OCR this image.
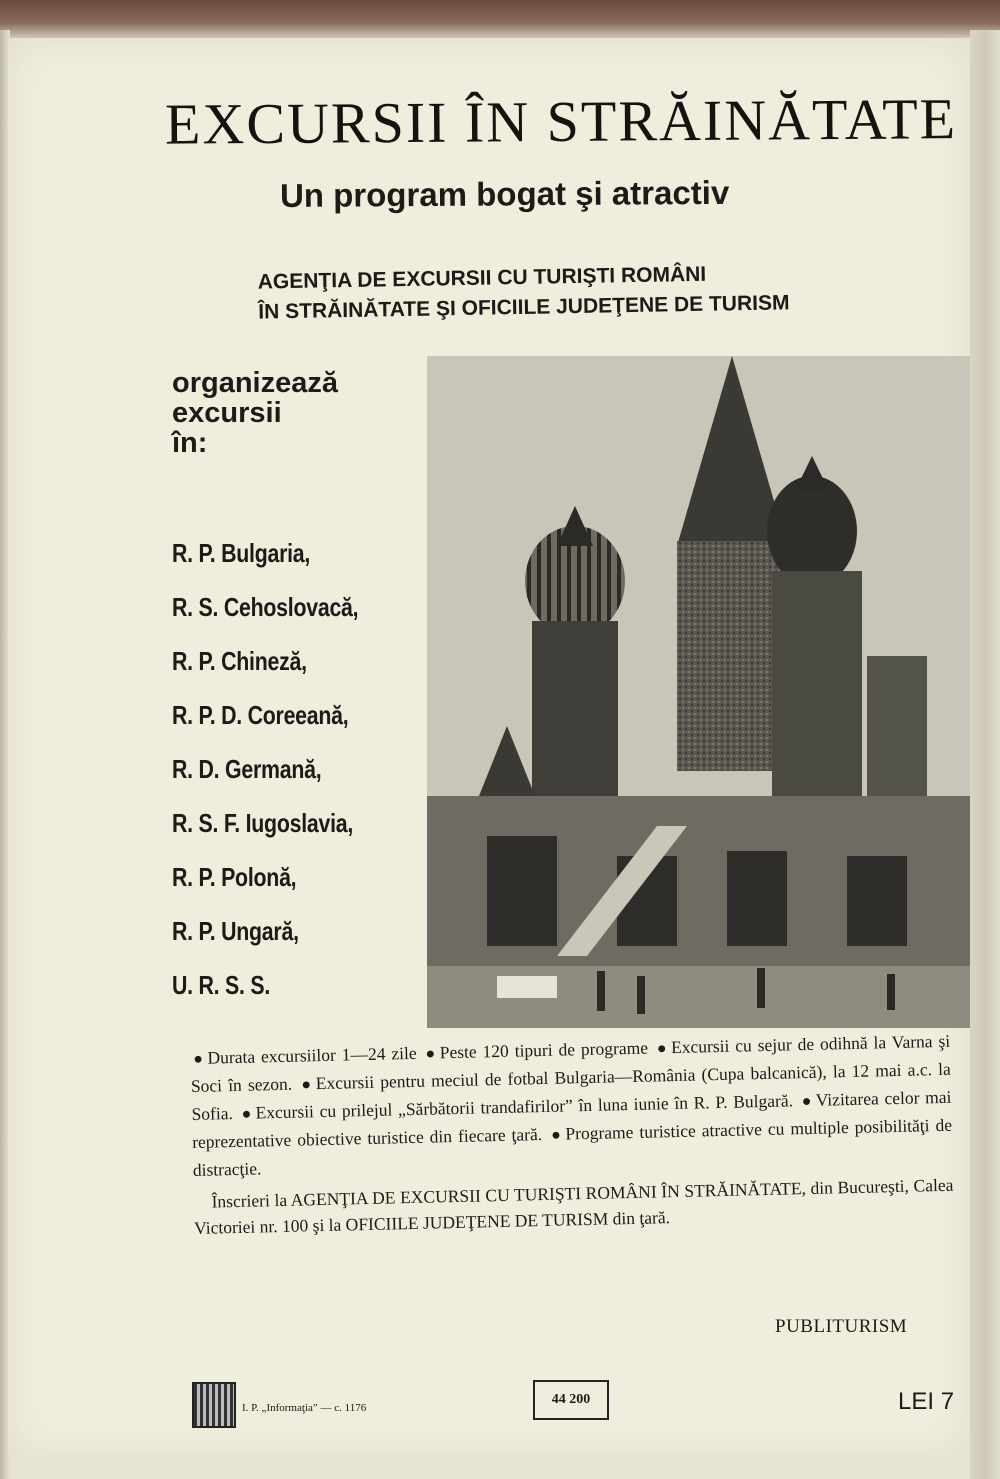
EXCURSII ÎN STRĂINĂTATE
Un program bogat şi atractiv
AGENŢIA DE EXCURSII CU TURIŞTI ROMÂNI
ÎN STRĂINĂTATE ŞI OFICIILE JUDEŢENE DE TURISM
organizează
excursii
în:
R. P. Bulgaria,
R. S. Cehoslovacă,
R. P. Chineză,
R. P. D. Coreeană,
R. D. Germană,
R. S. F. Iugoslavia,
R. P. Polonă,
R. P. Ungară,
U. R. S. S.
● Durata excursiilor 1—24 zile ● Peste 120 tipuri de programe ● Excursii cu sejur de odihnă la Varna şi Soci în sezon. ● Excursii pentru meciul de fotbal Bulgaria—România (Cupa balcanică), la 12 mai a.c. la Sofia. ● Excursii cu prilejul „Sărbătorii trandafirilor” în luna iunie în R. P. Bulgară. ● Vizitarea celor mai reprezentative obiective turistice din fiecare ţară. ● Programe turistice atractive cu multiple posibilităţi de distracţie.
Înscrieri la AGENŢIA DE EXCURSII CU TURIŞTI ROMÂNI ÎN STRĂINĂTATE, din Bucureşti, Calea Victoriei nr. 100 şi la OFICIILE JUDEŢENE DE TURISM din ţară.
PUBLITURISM
I. P. „Informaţia” — c. 1176
44 200	LEI 7
